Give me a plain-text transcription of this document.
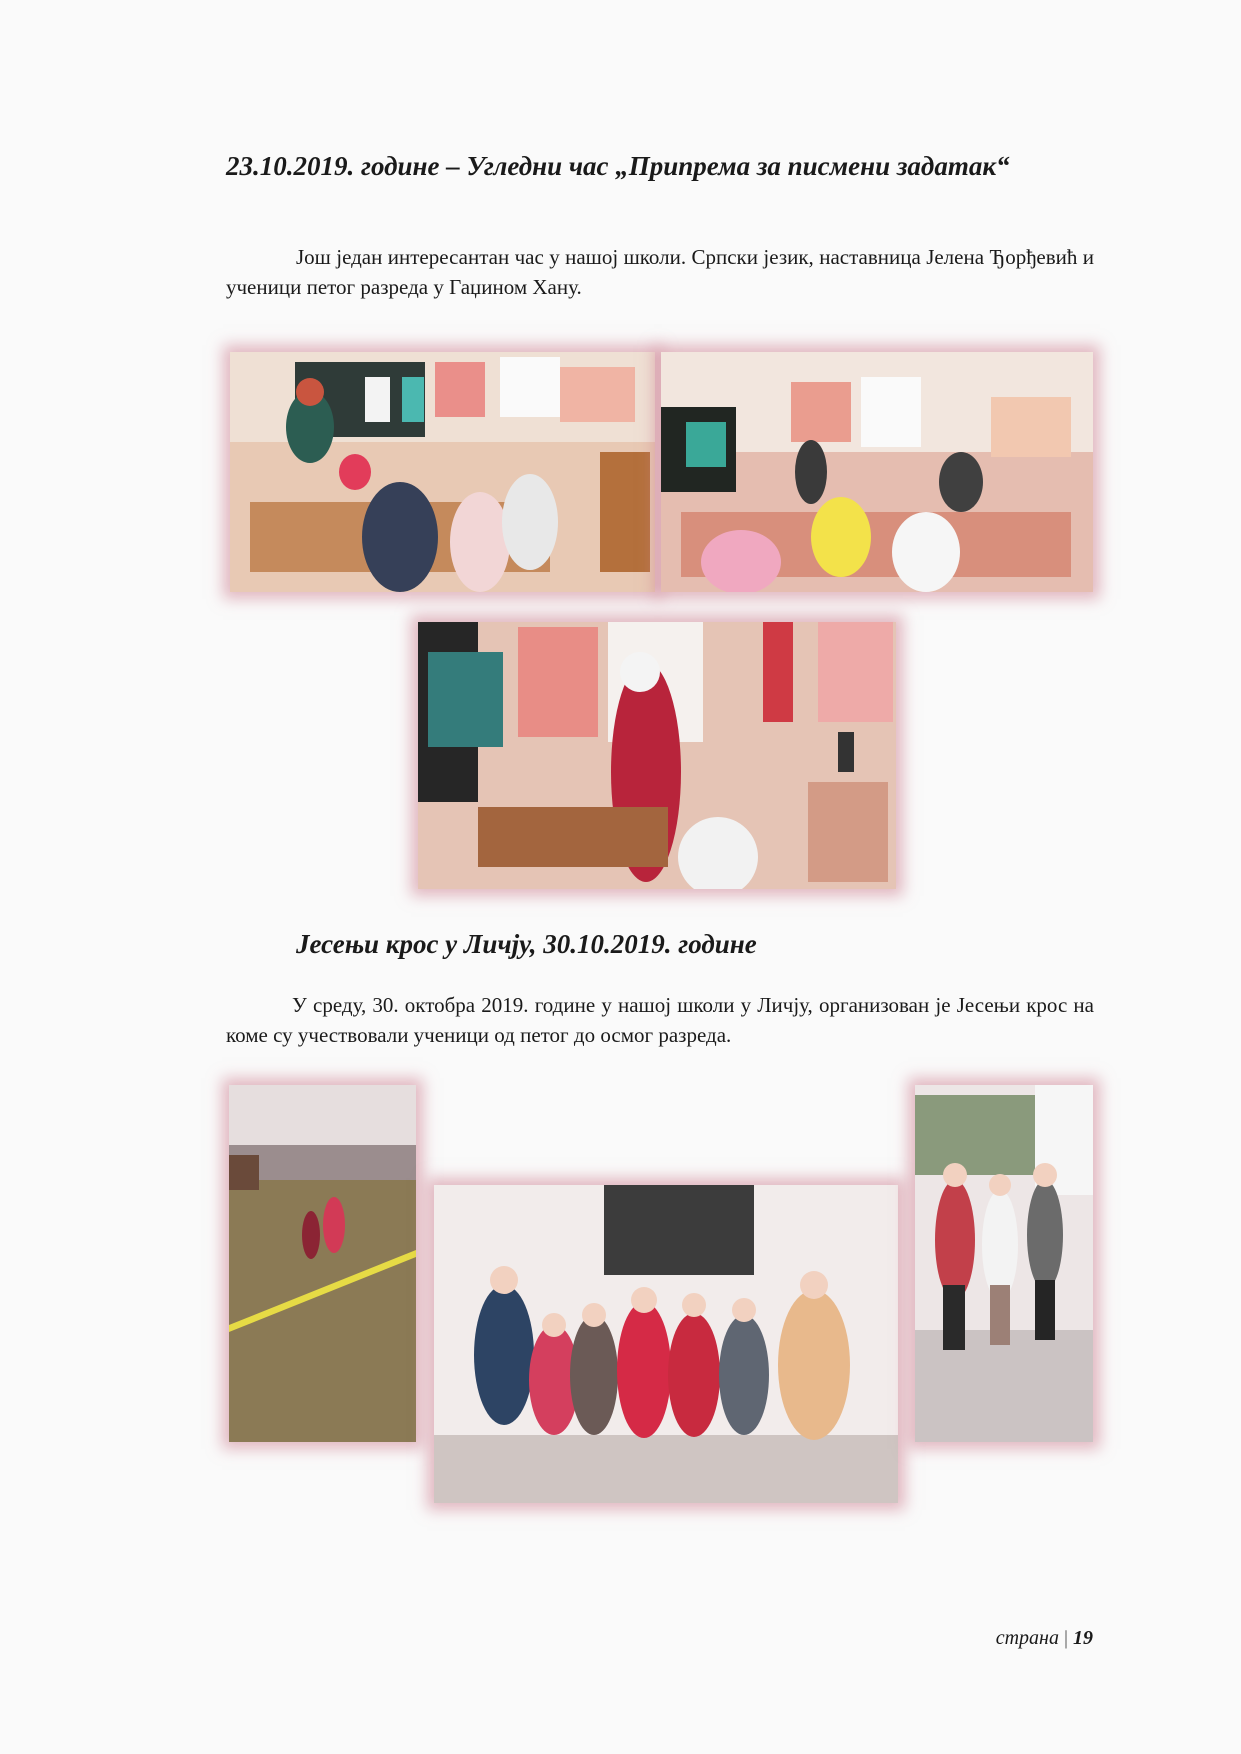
23.10.2019. године – Угледни час „Припрема за писмени задатак“

Још један интересантан час у нашој школи. Српски језик, наставница Јелена Ђорђевић и ученици петог разреда у Гаџином Хану.

Јесењи крос у Личју, 30.10.2019. године

У среду, 30. октобра 2019. године у нашој школи у Личју, организован је Јесењи крос на коме су учествовали ученици од петог до осмог разреда.

страна | 19
